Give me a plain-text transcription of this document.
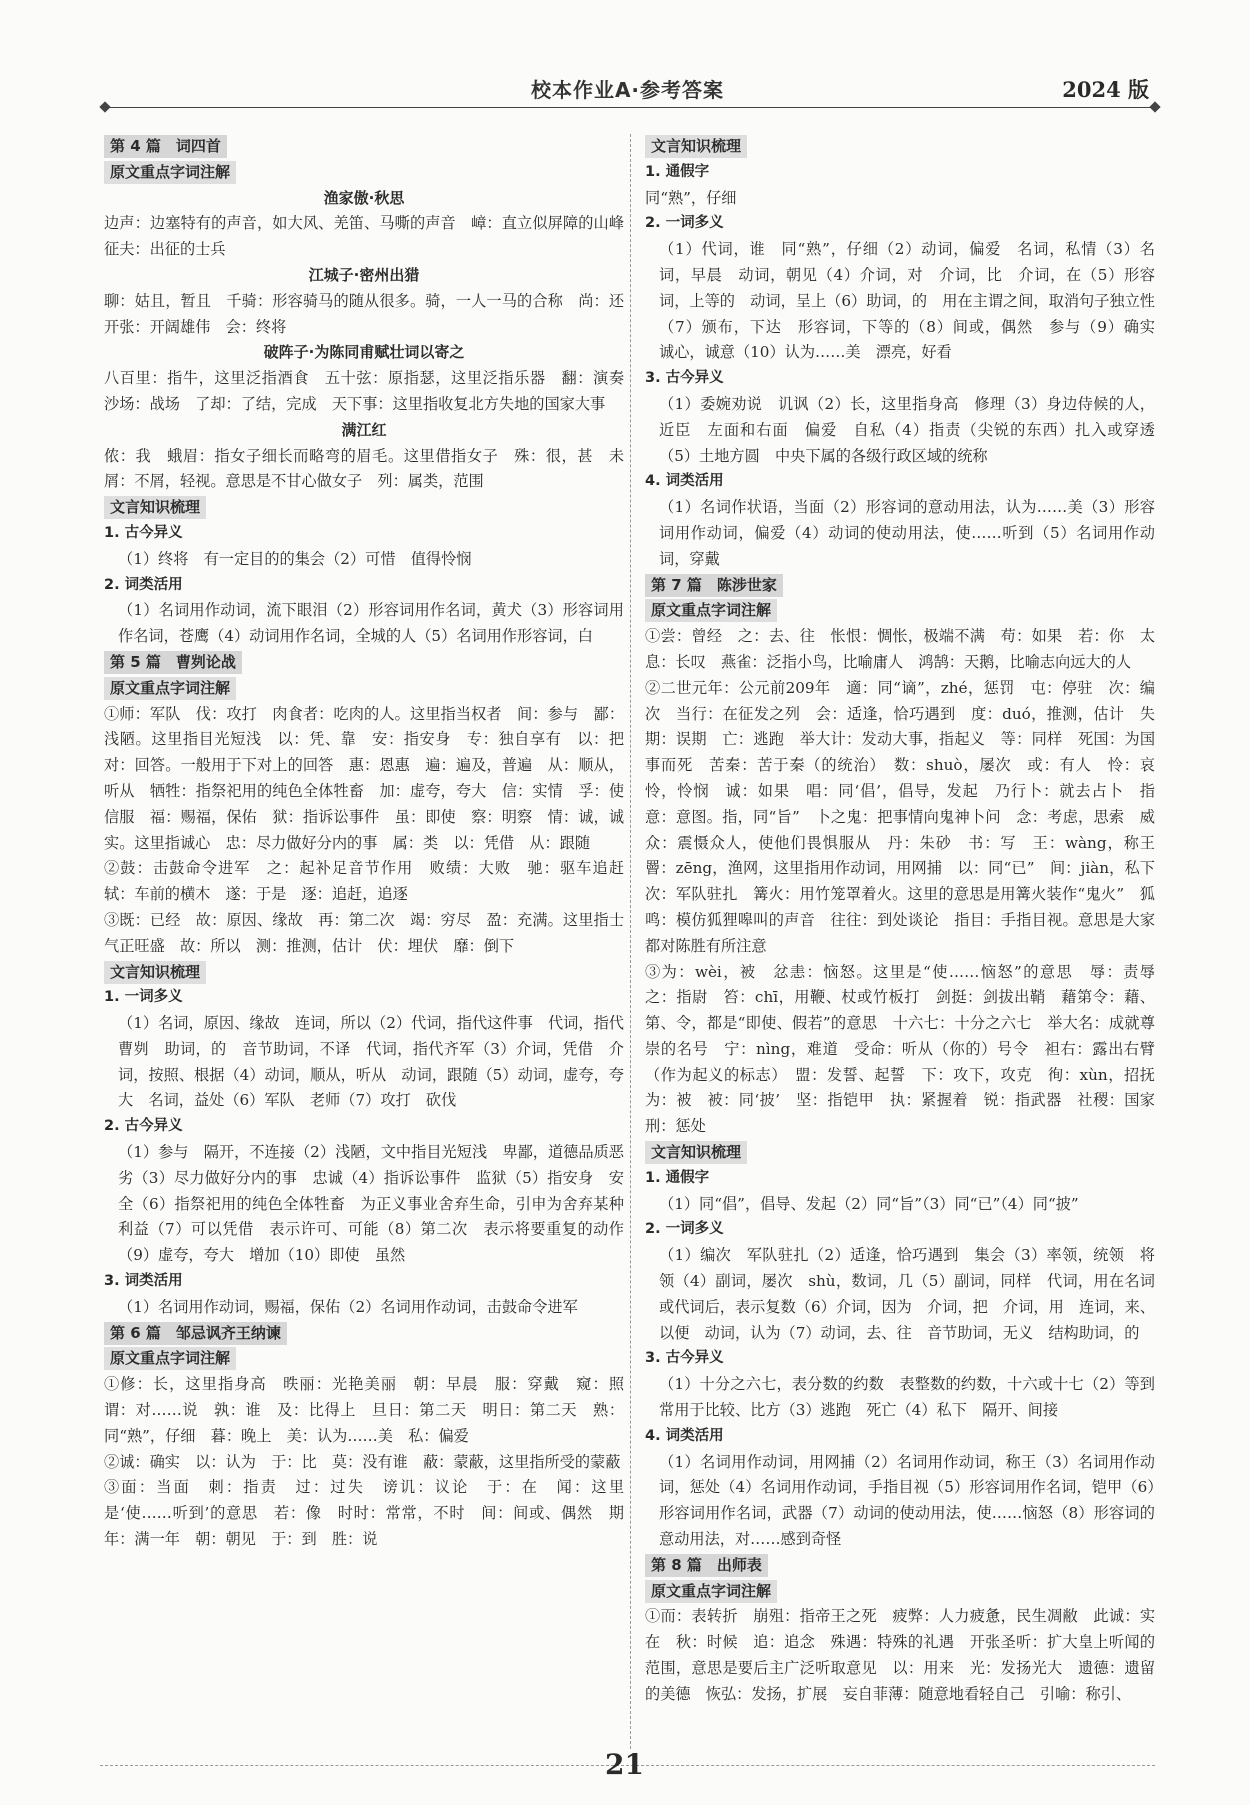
校本作业A·参考答案	2024 版
第 4 篇　词四首
原文重点字词注解
渔家傲·秋思
边声：边塞特有的声音，如大风、羌笛、马嘶的声音　嶂：直立似屏障的山峰　征夫：出征的士兵
江城子·密州出猎
聊：姑且，暂且　千骑：形容骑马的随从很多。骑，一人一马的合称　尚：还　开张：开阔雄伟　会：终将
破阵子·为陈同甫赋壮词以寄之
八百里：指牛，这里泛指酒食　五十弦：原指瑟，这里泛指乐器　翻：演奏　沙场：战场　了却：了结，完成　天下事：这里指收复北方失地的国家大事
满江红
侬：我　蛾眉：指女子细长而略弯的眉毛。这里借指女子　殊：很，甚　未屑：不屑，轻视。意思是不甘心做女子　列：属类，范围
文言知识梳理
1. 古今异义
（1）终将　有一定目的的集会（2）可惜　值得怜悯
2. 词类活用
（1）名词用作动词，流下眼泪（2）形容词用作名词，黄犬（3）形容词用作名词，苍鹰（4）动词用作名词，全城的人（5）名词用作形容词，白
第 5 篇　曹刿论战
原文重点字词注解
①师：军队　伐：攻打　肉食者：吃肉的人。这里指当权者　间：参与　鄙：浅陋。这里指目光短浅　以：凭、靠　安：指安身　专：独自享有　以：把　对：回答。一般用于下对上的回答　惠：恩惠　遍：遍及，普遍　从：顺从，听从　牺牲：指祭祀用的纯色全体牲畜　加：虚夸，夸大　信：实情　孚：使信服　福：赐福，保佑　狱：指诉讼事件　虽：即使　察：明察　情：诚，诚实。这里指诚心　忠：尽力做好分内的事　属：类　以：凭借　从：跟随
②鼓：击鼓命令进军　之：起补足音节作用　败绩：大败　驰：驱车追赶　轼：车前的横木　遂：于是　逐：追赶，追逐
③既：已经　故：原因、缘故　再：第二次　竭：穷尽　盈：充满。这里指士气正旺盛　故：所以　测：推测，估计　伏：埋伏　靡：倒下
文言知识梳理
1. 一词多义
（1）名词，原因、缘故　连词，所以（2）代词，指代这件事　代词，指代曹刿　助词，的　音节助词，不译　代词，指代齐军（3）介词，凭借　介词，按照、根据（4）动词，顺从，听从　动词，跟随（5）动词，虚夸，夸大　名词，益处（6）军队　老师（7）攻打　砍伐
2. 古今异义
（1）参与　隔开，不连接（2）浅陋，文中指目光短浅　卑鄙，道德品质恶劣（3）尽力做好分内的事　忠诚（4）指诉讼事件　监狱（5）指安身　安全（6）指祭祀用的纯色全体牲畜　为正义事业舍弃生命，引申为舍弃某种利益（7）可以凭借　表示许可、可能（8）第二次　表示将要重复的动作（9）虚夸，夸大　增加（10）即使　虽然
3. 词类活用
（1）名词用作动词，赐福，保佑（2）名词用作动词，击鼓命令进军
第 6 篇　邹忌讽齐王纳谏
原文重点字词注解
①修：长，这里指身高　昳丽：光艳美丽　朝：早晨　服：穿戴　窥：照　谓：对……说　孰：谁　及：比得上　旦日：第二天　明日：第二天　熟：同“熟”，仔细　暮：晚上　美：认为……美　私：偏爱
②诚：确实　以：认为　于：比　莫：没有谁　蔽：蒙蔽，这里指所受的蒙蔽
③面：当面　刺：指责　过：过失　谤讥：议论　于：在　闻：这里是‘使……听到’的意思　若：像　时时：常常，不时　间：间或、偶然　期年：满一年　朝：朝见　于：到　胜：说
文言知识梳理
1. 通假字
同“熟”，仔细
2. 一词多义
（1）代词，谁　同“熟”，仔细（2）动词，偏爱　名词，私情（3）名词，早晨　动词，朝见（4）介词，对　介词，比　介词，在（5）形容词，上等的　动词，呈上（6）助词，的　用在主谓之间，取消句子独立性（7）颁布，下达　形容词，下等的（8）间或，偶然　参与（9）确实　诚心，诚意（10）认为……美　漂亮，好看
3. 古今异义
（1）委婉劝说　讥讽（2）长，这里指身高　修理（3）身边侍候的人，近臣　左面和右面　偏爱　自私（4）指责（尖锐的东西）扎入或穿透（5）土地方圆　中央下属的各级行政区域的统称
4. 词类活用
（1）名词作状语，当面（2）形容词的意动用法，认为……美（3）形容词用作动词，偏爱（4）动词的使动用法，使……听到（5）名词用作动词，穿戴
第 7 篇　陈涉世家
原文重点字词注解
①尝：曾经　之：去、往　怅恨：惆怅，极端不满　苟：如果　若：你　太息：长叹　燕雀：泛指小鸟，比喻庸人　鸿鹄：天鹅，比喻志向远大的人
②二世元年：公元前209年　適：同“谪”，zhé，惩罚　屯：停驻　次：编次　当行：在征发之列　会：适逢，恰巧遇到　度：duó，推测，估计　失期：误期　亡：逃跑　举大计：发动大事，指起义　等：同样　死国：为国事而死　苦秦：苦于秦（的统治）　数：shuò，屡次　或：有人　怜：哀怜，怜悯　诚：如果　唱：同‘倡’，倡导，发起　乃行卜：就去占卜　指意：意图。指，同“旨”　卜之鬼：把事情向鬼神卜问　念：考虑，思索　威众：震慑众人，使他们畏惧服从　丹：朱砂　书：写　王：wàng，称王　罾：zēng，渔网，这里指用作动词，用网捕　以：同“已”　间：jiàn，私下　次：军队驻扎　篝火：用竹笼罩着火。这里的意思是用篝火装作“鬼火”　狐鸣：模仿狐狸嗥叫的声音　往往：到处谈论　指目：手指目视。意思是大家都对陈胜有所注意
③为：wèi，被　忿恚：恼怒。这里是“使……恼怒”的意思　辱：责辱　之：指尉　笞：chī，用鞭、杖或竹板打　剑挺：剑拔出鞘　藉第令：藉、第、令，都是“即使、假若”的意思　十六七：十分之六七　举大名：成就尊崇的名号　宁：nìng，难道　受命：听从（你的）号令　袒右：露出右臂（作为起义的标志）　盟：发誓、起誓　下：攻下，攻克　徇：xùn，招抚　为：被　被：同‘披’　坚：指铠甲　执：紧握着　锐：指武器　社稷：国家　刑：惩处
文言知识梳理
1. 通假字
（1）同“倡”，倡导、发起（2）同“旨”（3）同“已”（4）同“披”
2. 一词多义
（1）编次　军队驻扎（2）适逢，恰巧遇到　集会（3）率领，统领　将领（4）副词，屡次　shù，数词，几（5）副词，同样　代词，用在名词或代词后，表示复数（6）介词，因为　介词，把　介词，用　连词，来、以便　动词，认为（7）动词，去、往　音节助词，无义　结构助词，的
3. 古今异义
（1）十分之六七，表分数的约数　表整数的约数，十六或十七（2）等到　常用于比较、比方（3）逃跑　死亡（4）私下　隔开、间接
4. 词类活用
（1）名词用作动词，用网捕（2）名词用作动词，称王（3）名词用作动词，惩处（4）名词用作动词，手指目视（5）形容词用作名词，铠甲（6）形容词用作名词，武器（7）动词的使动用法，使……恼怒（8）形容词的意动用法，对……感到奇怪
第 8 篇　出师表
原文重点字词注解
①而：表转折　崩殂：指帝王之死　疲弊：人力疲惫，民生凋敝　此诚：实在　秋：时候　追：追念　殊遇：特殊的礼遇　开张圣听：扩大皇上听闻的范围，意思是要后主广泛听取意见　以：用来　光：发扬光大　遗德：遗留的美德　恢弘：发扬，扩展　妄自菲薄：随意地看轻自己　引喻：称引、
21
